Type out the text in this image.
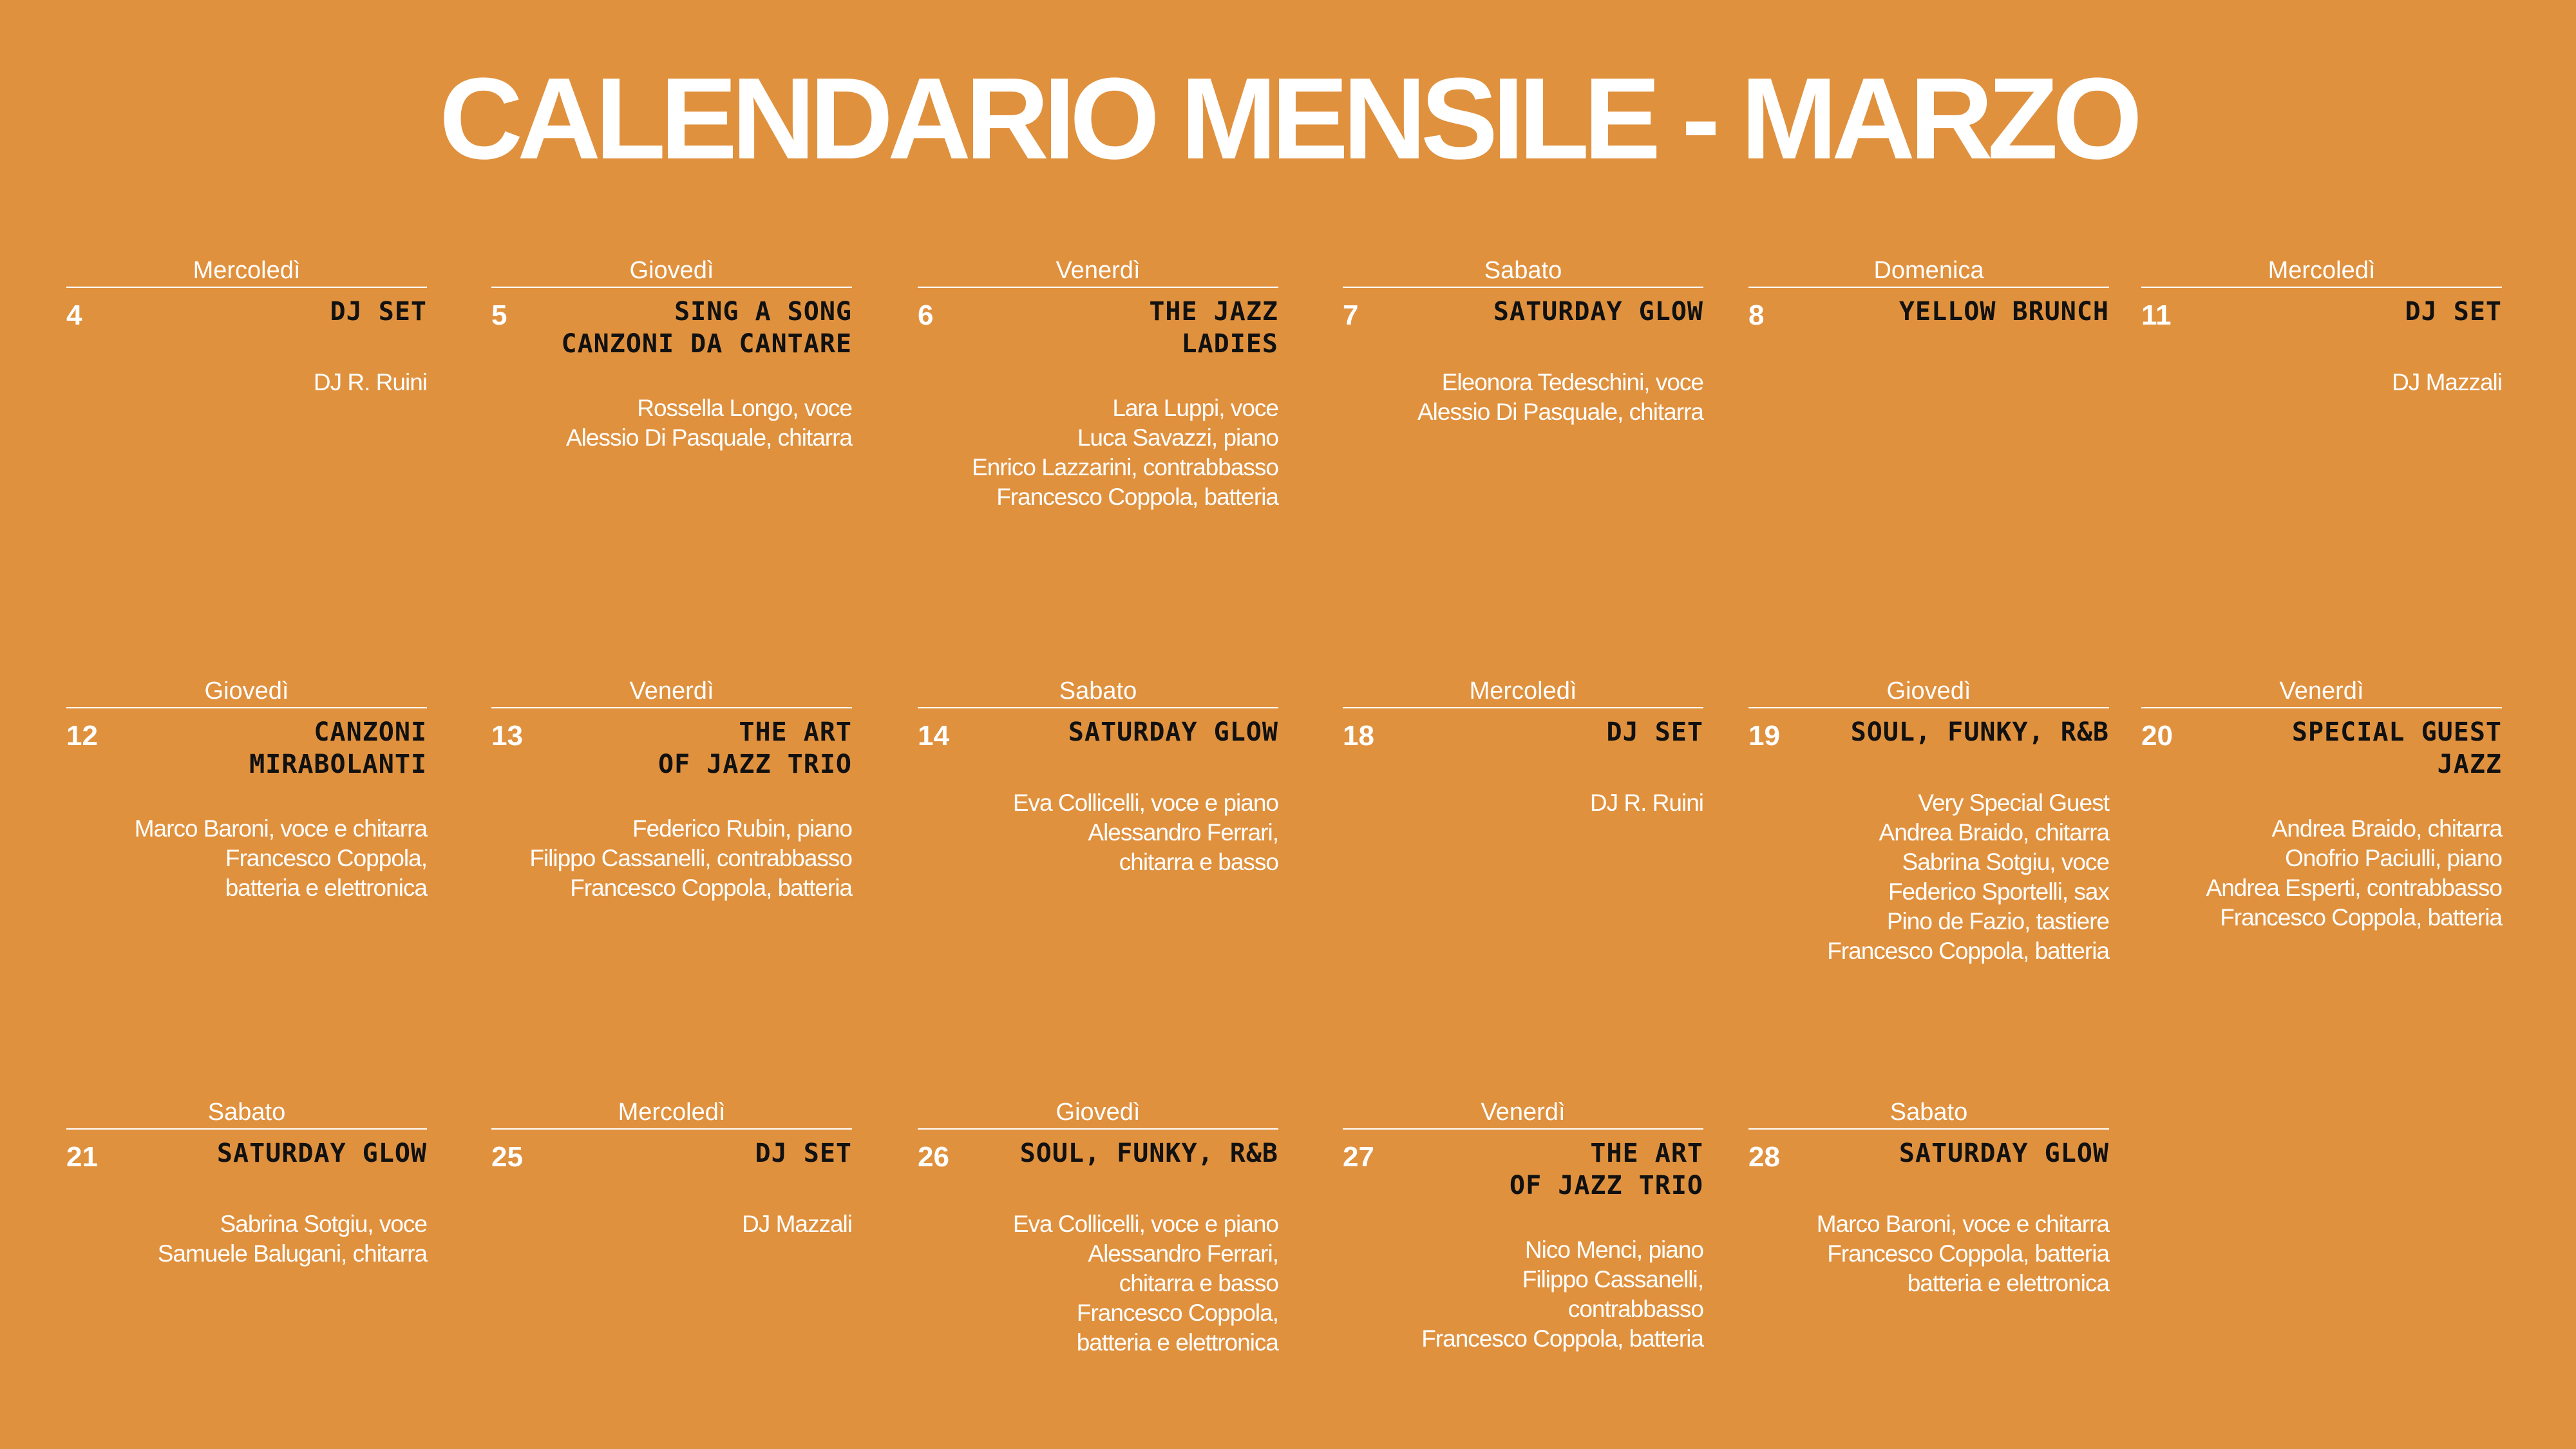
CALENDARIO MENSILE - MARZO
Mercoledì
4	DJ SET
DJ R. Ruini
Giovedì
5	SING A SONG
CANZONI DA CANTARE
Rossella Longo, voce
Alessio Di Pasquale, chitarra
Venerdì
6	THE JAZZ
LADIES
Lara Luppi, voce
Luca Savazzi, piano
Enrico Lazzarini, contrabbasso
Francesco Coppola, batteria
Sabato
7	SATURDAY GLOW
Eleonora Tedeschini, voce
Alessio Di Pasquale, chitarra
Domenica
8	YELLOW BRUNCH
Mercoledì
11	DJ SET
DJ Mazzali
Giovedì
12	CANZONI
MIRABOLANTI
Marco Baroni, voce e chitarra
Francesco Coppola,
batteria e elettronica
Venerdì
13	THE ART
OF JAZZ TRIO
Federico Rubin, piano
Filippo Cassanelli, contrabbasso
Francesco Coppola, batteria
Sabato
14	SATURDAY GLOW
Eva Collicelli, voce e piano
Alessandro Ferrari,
chitarra e basso
Mercoledì
18	DJ SET
DJ R. Ruini
Giovedì
19	SOUL, FUNKY, R&B
Very Special Guest
Andrea Braido, chitarra
Sabrina Sotgiu, voce
Federico Sportelli, sax
Pino de Fazio, tastiere
Francesco Coppola, batteria
Venerdì
20	SPECIAL GUEST
JAZZ
Andrea Braido, chitarra
Onofrio Paciulli, piano
Andrea Esperti, contrabbasso
Francesco Coppola, batteria
Sabato
21	SATURDAY GLOW
Sabrina Sotgiu, voce
Samuele Balugani, chitarra
Mercoledì
25	DJ SET
DJ Mazzali
Giovedì
26	SOUL, FUNKY, R&B
Eva Collicelli, voce e piano
Alessandro Ferrari,
chitarra e basso
Francesco Coppola,
batteria e elettronica
Venerdì
27	THE ART
OF JAZZ TRIO
Nico Menci, piano
Filippo Cassanelli,
contrabbasso
Francesco Coppola, batteria
Sabato
28	SATURDAY GLOW
Marco Baroni, voce e chitarra
Francesco Coppola, batteria
batteria e elettronica
